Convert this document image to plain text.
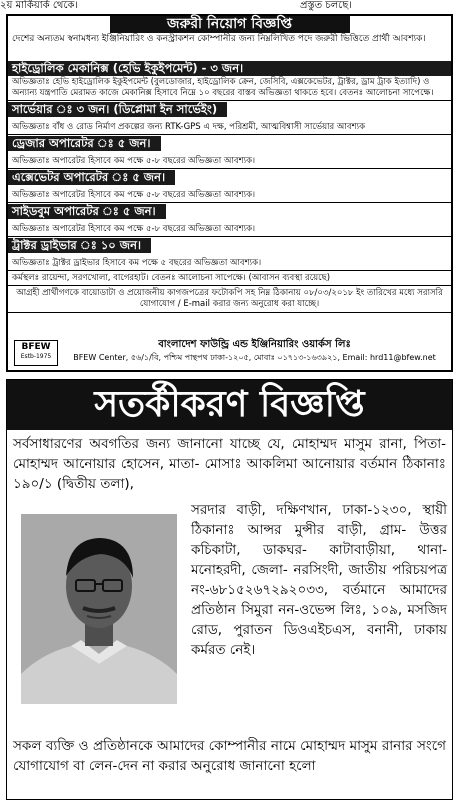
২য় মার্কিয়ার্ক থেকে।	প্রস্তুত চলছে।
জরুরী নিয়োগ বিজ্ঞপ্তি
দেশের অন্যতম স্বনামধন্য ইঞ্জিনিয়ারিং ও কনস্ট্রাকশন কোম্পানীর জন্য নিম্নলিখিত পদে জরুরী ভিত্তিতে প্রার্থী আবশ্যক।
হাইড্রোলিক মেকানিক্স (হেভি ইকুইপমেন্ট) - ৩ জন।
অভিজ্ঞতাঃ হেভি হাইড্রোলিক ইকুইপমেন্ট (বুলডোজার, হাইড্রোলিক ক্রেন, জেসিবি, এক্সকেভেটর, ট্রাক্টর, ড্রাম ট্রাক ইত্যাদি) ও অন্যান্য যন্ত্রপাতি মেরামত কাজে মেকানিক্স হিসাবে নিম্নে ১০ বছরের বাস্তব অভিজ্ঞতা থাকতে হবে। বেতনঃ আলোচনা সাপেক্ষে।
সার্ভেয়ার ঃ ৩ জন। (ডিপ্লোমা ইন সার্ভেইং)
অভিজ্ঞতাঃ বাঁধ ও রোড নির্মাণ প্রকল্পের জন্য RTK-GPS এ দক্ষ, পরিশ্রমী, আত্মবিশ্বাসী সার্ভেয়ার আবশ্যক
ড্রেজার অপারেটর ঃ ৫ জন।
অভিজ্ঞতাঃ অপারেটর হিসাবে কম পক্ষে ৫-৮ বছরের অভিজ্ঞতা আবশ্যক।
এক্সেভেটর অপারেটর ঃ ৫ জন।
অভিজ্ঞতাঃ অপারেটর হিসাবে কম পক্ষে ৫-৮ বছরের অভিজ্ঞতা আবশ্যক।
সাইডবুম অপারেটর ঃ ৫ জন।
অভিজ্ঞতাঃ অপারেটর হিসাবে কম পক্ষে ৫-৮ বছরের অভিজ্ঞতা আবশ্যক।
ট্রাক্টর ড্রাইভার ঃ ১০ জন।
অভিজ্ঞতাঃ ট্রাক্টর ড্রাইভার হিসাবে কম পক্ষে ৫ বছরের অভিজ্ঞতা আবশ্যক।
কর্মস্থলঃ রায়েন্দা, সরণখোলা, বাগেরহাট। বেতনঃ আলোচনা সাপেক্ষে। (আবাসন ব্যবস্থা রয়েছে)
আগ্রহী প্রার্থীগণকে বায়োডাটা ও প্রয়োজনীয় কাগজপত্রের ফটোকপি সহ নিম্ন ঠিকানায় ০৮/০৩/২০১৮ ইং তারিখের মধ্যে সরাসরি যোগাযোগ / E-mail করার জন্য অনুরোধ করা যাচ্ছে।
BFEW
Estb-1975
বাংলাদেশ ফাউন্ড্রি এন্ড ইঞ্জিনিয়ারিং ওয়ার্কস লিঃ
BFEW Center, ৫৬/১/বি, পশ্চিম পান্থপথ ঢাকা-১২০৫, মোবাঃ ০১৭১৩-১৬৩৯২১, Email: hrd11@bfew.net
সতর্কীকরণ বিজ্ঞপ্তি
সর্বসাধারণের অবগতির জন্য জানানো যাচ্ছে যে, মোহাম্মদ মাসুম রানা, পিতা- মোহাম্মদ আনোয়ার হোসেন, মাতা- মোসাঃ আকলিমা আনোয়ার বর্তমান ঠিকানাঃ ১৯০/১ (দ্বিতীয় তলা),
সরদার বাড়ী, দক্ষিণখান, ঢাকা-১২৩০, স্থায়ী ঠিকানাঃ আন্সর মুন্সীর বাড়ী, গ্রাম- উত্তর কচিকাটা, ডাকঘর- কাটাবাড়ীয়া, থানা- মনোহরদী, জেলা- নরসিংদী, জাতীয় পরিচয়পত্র নং-৬৮১৫২৬৭২৯২০৩৩, বর্তমানে আমাদের প্রতিষ্ঠান সিমুরা নন-ওভেন্স লিঃ, ১০৯, মসজিদ রোড, পুরাতন ডিওএইচএস, বনানী, ঢাকায় কর্মরত নেই।
সকল ব্যক্তি ও প্রতিষ্ঠানকে আমাদের কোম্পানীর নামে মোহাম্মদ মাসুম রানার সংগে যোগাযোগ বা লেন-দেন না করার অনুরোধ জানানো হলো
